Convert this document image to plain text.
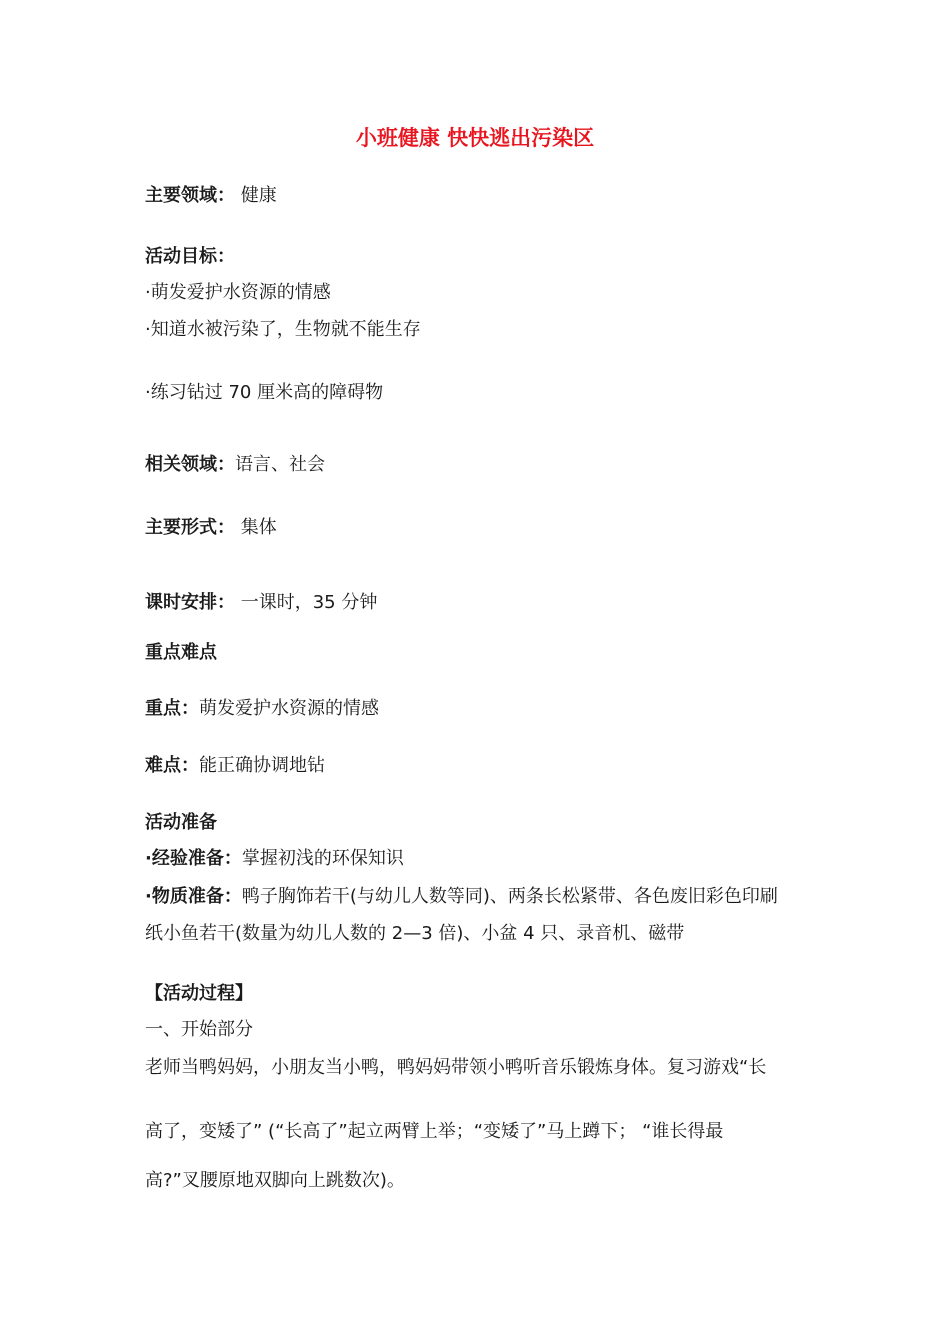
小班健康 快快逃出污染区
主要领域： 健康
活动目标：
·萌发爱护水资源的情感
·知道水被污染了，生物就不能生存
·练习钻过 70 厘米高的障碍物
相关领域：语言、社会
主要形式： 集体
课时安排： 一课时，35 分钟
重点难点
重点：萌发爱护水资源的情感
难点：能正确协调地钻
活动准备
·经验准备：掌握初浅的环保知识
·物质准备：鸭子胸饰若干(与幼儿人数等同)、两条长松紧带、各色废旧彩色印刷
纸小鱼若干(数量为幼儿人数的 2—3 倍)、小盆 4 只、录音机、磁带
【活动过程】
一、开始部分
老师当鸭妈妈，小朋友当小鸭，鸭妈妈带领小鸭听音乐锻炼身体。复习游戏“长
高了，变矮了” (“长高了”起立两臂上举；“变矮了”马上蹲下； “谁长得最
高?”叉腰原地双脚向上跳数次)。
